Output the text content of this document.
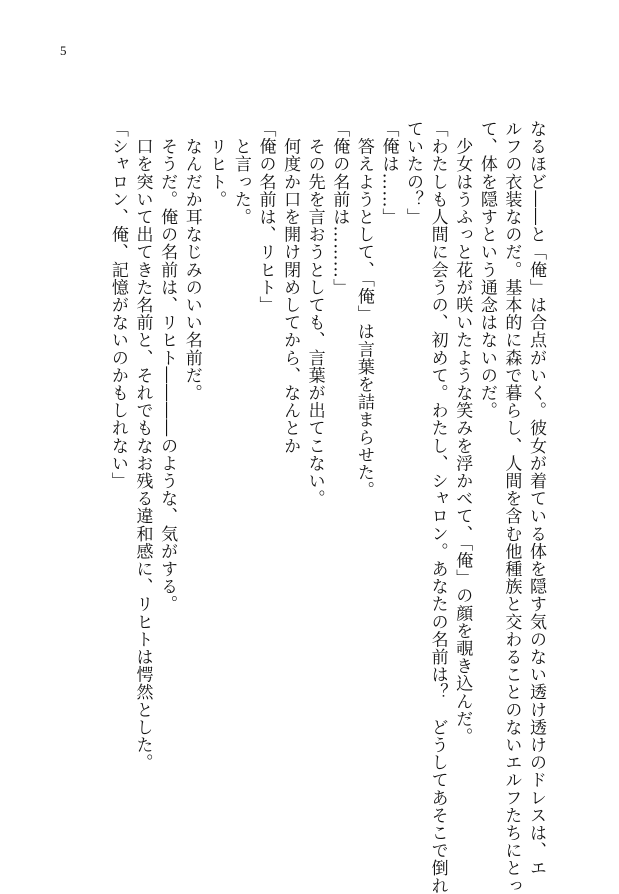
5
なるほど――と「俺」は合点がいく。彼女が着ている体を隠す気のない透け透けのドレスは、エ
ルフの衣装なのだ。基本的に森で暮らし、人間を含む他種族と交わることのないエルフたちにとっ
て、体を隠すという通念はないのだ。
　少女はうふっと花が咲いたような笑みを浮かべて、「俺」の顔を覗き込んだ。
「わたしも人間に会うの、初めて。わたし、シャロン。あなたの名前は？　どうしてあそこで倒れ
ていたの？」
「俺は……」
　答えようとして、「俺」は言葉を詰まらせた。
「俺の名前は………」
　その先を言おうとしても、言葉が出てこない。
　何度か口を開け閉めしてから、なんとか
「俺の名前は、リヒト」
　と言った。
　リヒト。
　なんだか耳なじみのいい名前だ。
　そうだ。俺の名前は、リヒト――――のような、気がする。
　口を突いて出てきた名前と、それでもなお残る違和感に、リヒトは愕然とした。
「シャロン、俺、記憶がないのかもしれない」
